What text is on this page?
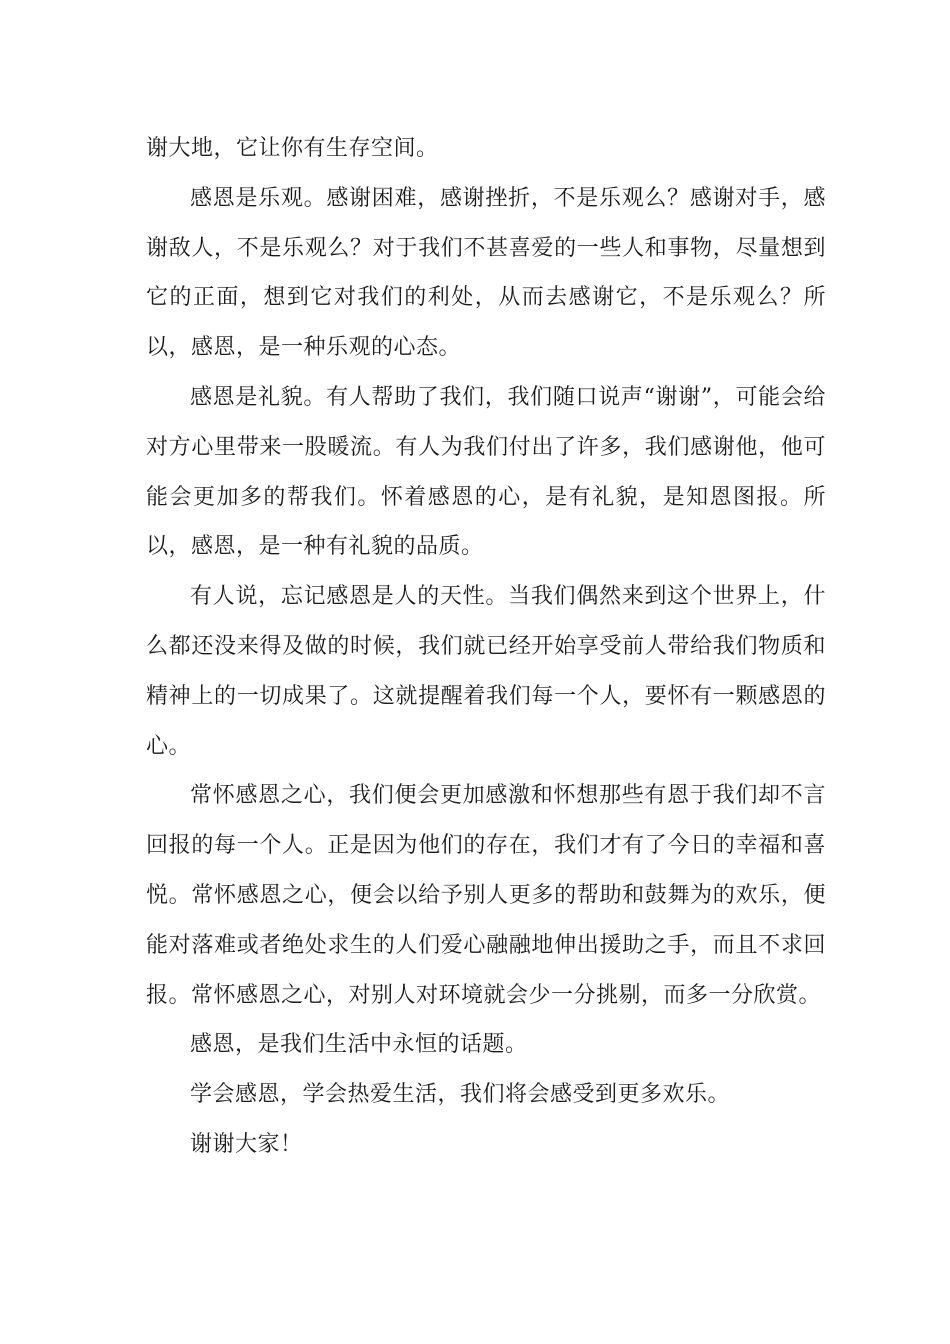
谢大地，它让你有生存空间。

感恩是乐观。感谢困难，感谢挫折，不是乐观么？感谢对手，感谢敌人，不是乐观么？对于我们不甚喜爱的一些人和事物，尽量想到它的正面，想到它对我们的利处，从而去感谢它，不是乐观么？所以，感恩，是一种乐观的心态。

感恩是礼貌。有人帮助了我们，我们随口说声“谢谢”，可能会给对方心里带来一股暖流。有人为我们付出了许多，我们感谢他，他可能会更加多的帮我们。怀着感恩的心，是有礼貌，是知恩图报。所以，感恩，是一种有礼貌的品质。

有人说，忘记感恩是人的天性。当我们偶然来到这个世界上，什么都还没来得及做的时候，我们就已经开始享受前人带给我们物质和精神上的一切成果了。这就提醒着我们每一个人，要怀有一颗感恩的心。

常怀感恩之心，我们便会更加感激和怀想那些有恩于我们却不言回报的每一个人。正是因为他们的存在，我们才有了今日的幸福和喜悦。常怀感恩之心，便会以给予别人更多的帮助和鼓舞为的欢乐，便能对落难或者绝处求生的人们爱心融融地伸出援助之手，而且不求回报。常怀感恩之心，对别人对环境就会少一分挑剔，而多一分欣赏。

感恩，是我们生活中永恒的话题。

学会感恩，学会热爱生活，我们将会感受到更多欢乐。

谢谢大家！
